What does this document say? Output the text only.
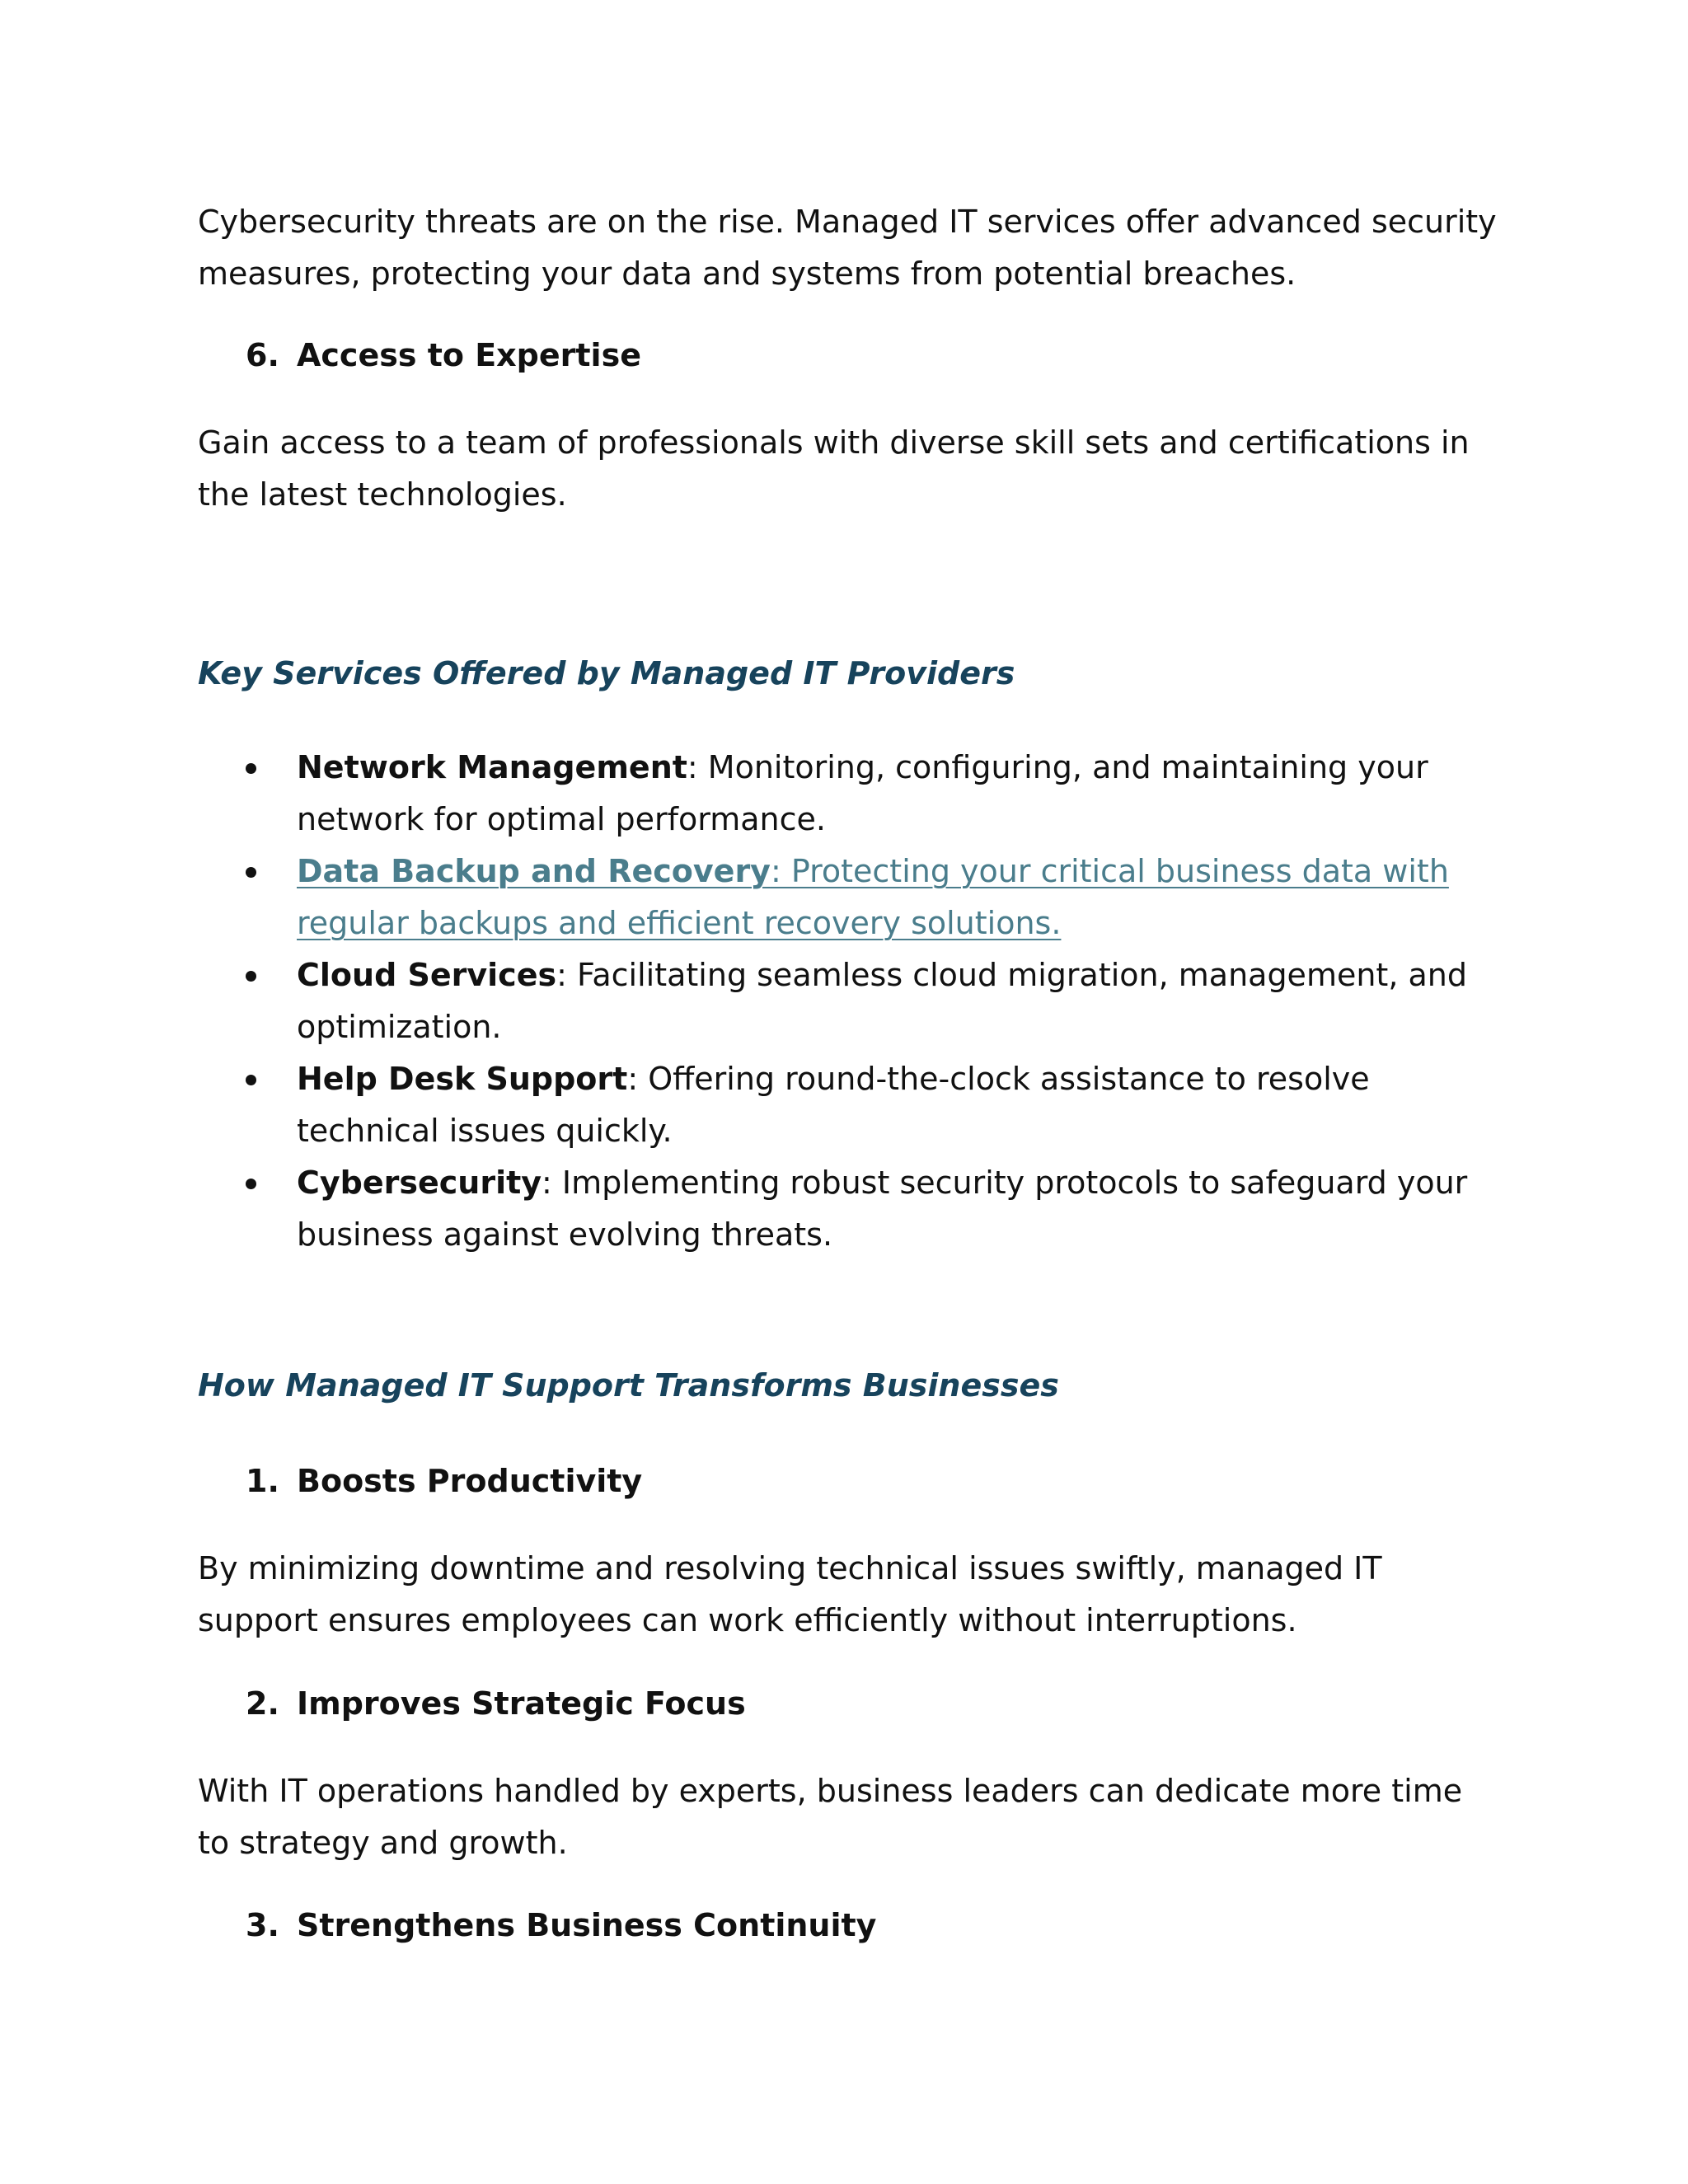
Cybersecurity threats are on the rise. Managed IT services offer advanced security measures, protecting your data and systems from potential breaches.

6. Access to Expertise

Gain access to a team of professionals with diverse skill sets and certifications in the latest technologies.

Key Services Offered by Managed IT Providers
Network Management: Monitoring, configuring, and maintaining your network for optimal performance.
Data Backup and Recovery: Protecting your critical business data with regular backups and efficient recovery solutions.
Cloud Services: Facilitating seamless cloud migration, management, and optimization.
Help Desk Support: Offering round-the-clock assistance to resolve technical issues quickly.
Cybersecurity: Implementing robust security protocols to safeguard your business against evolving threats.
How Managed IT Support Transforms Businesses
1. Boosts Productivity

By minimizing downtime and resolving technical issues swiftly, managed IT support ensures employees can work efficiently without interruptions.

2. Improves Strategic Focus

With IT operations handled by experts, business leaders can dedicate more time to strategy and growth.

3. Strengthens Business Continuity
